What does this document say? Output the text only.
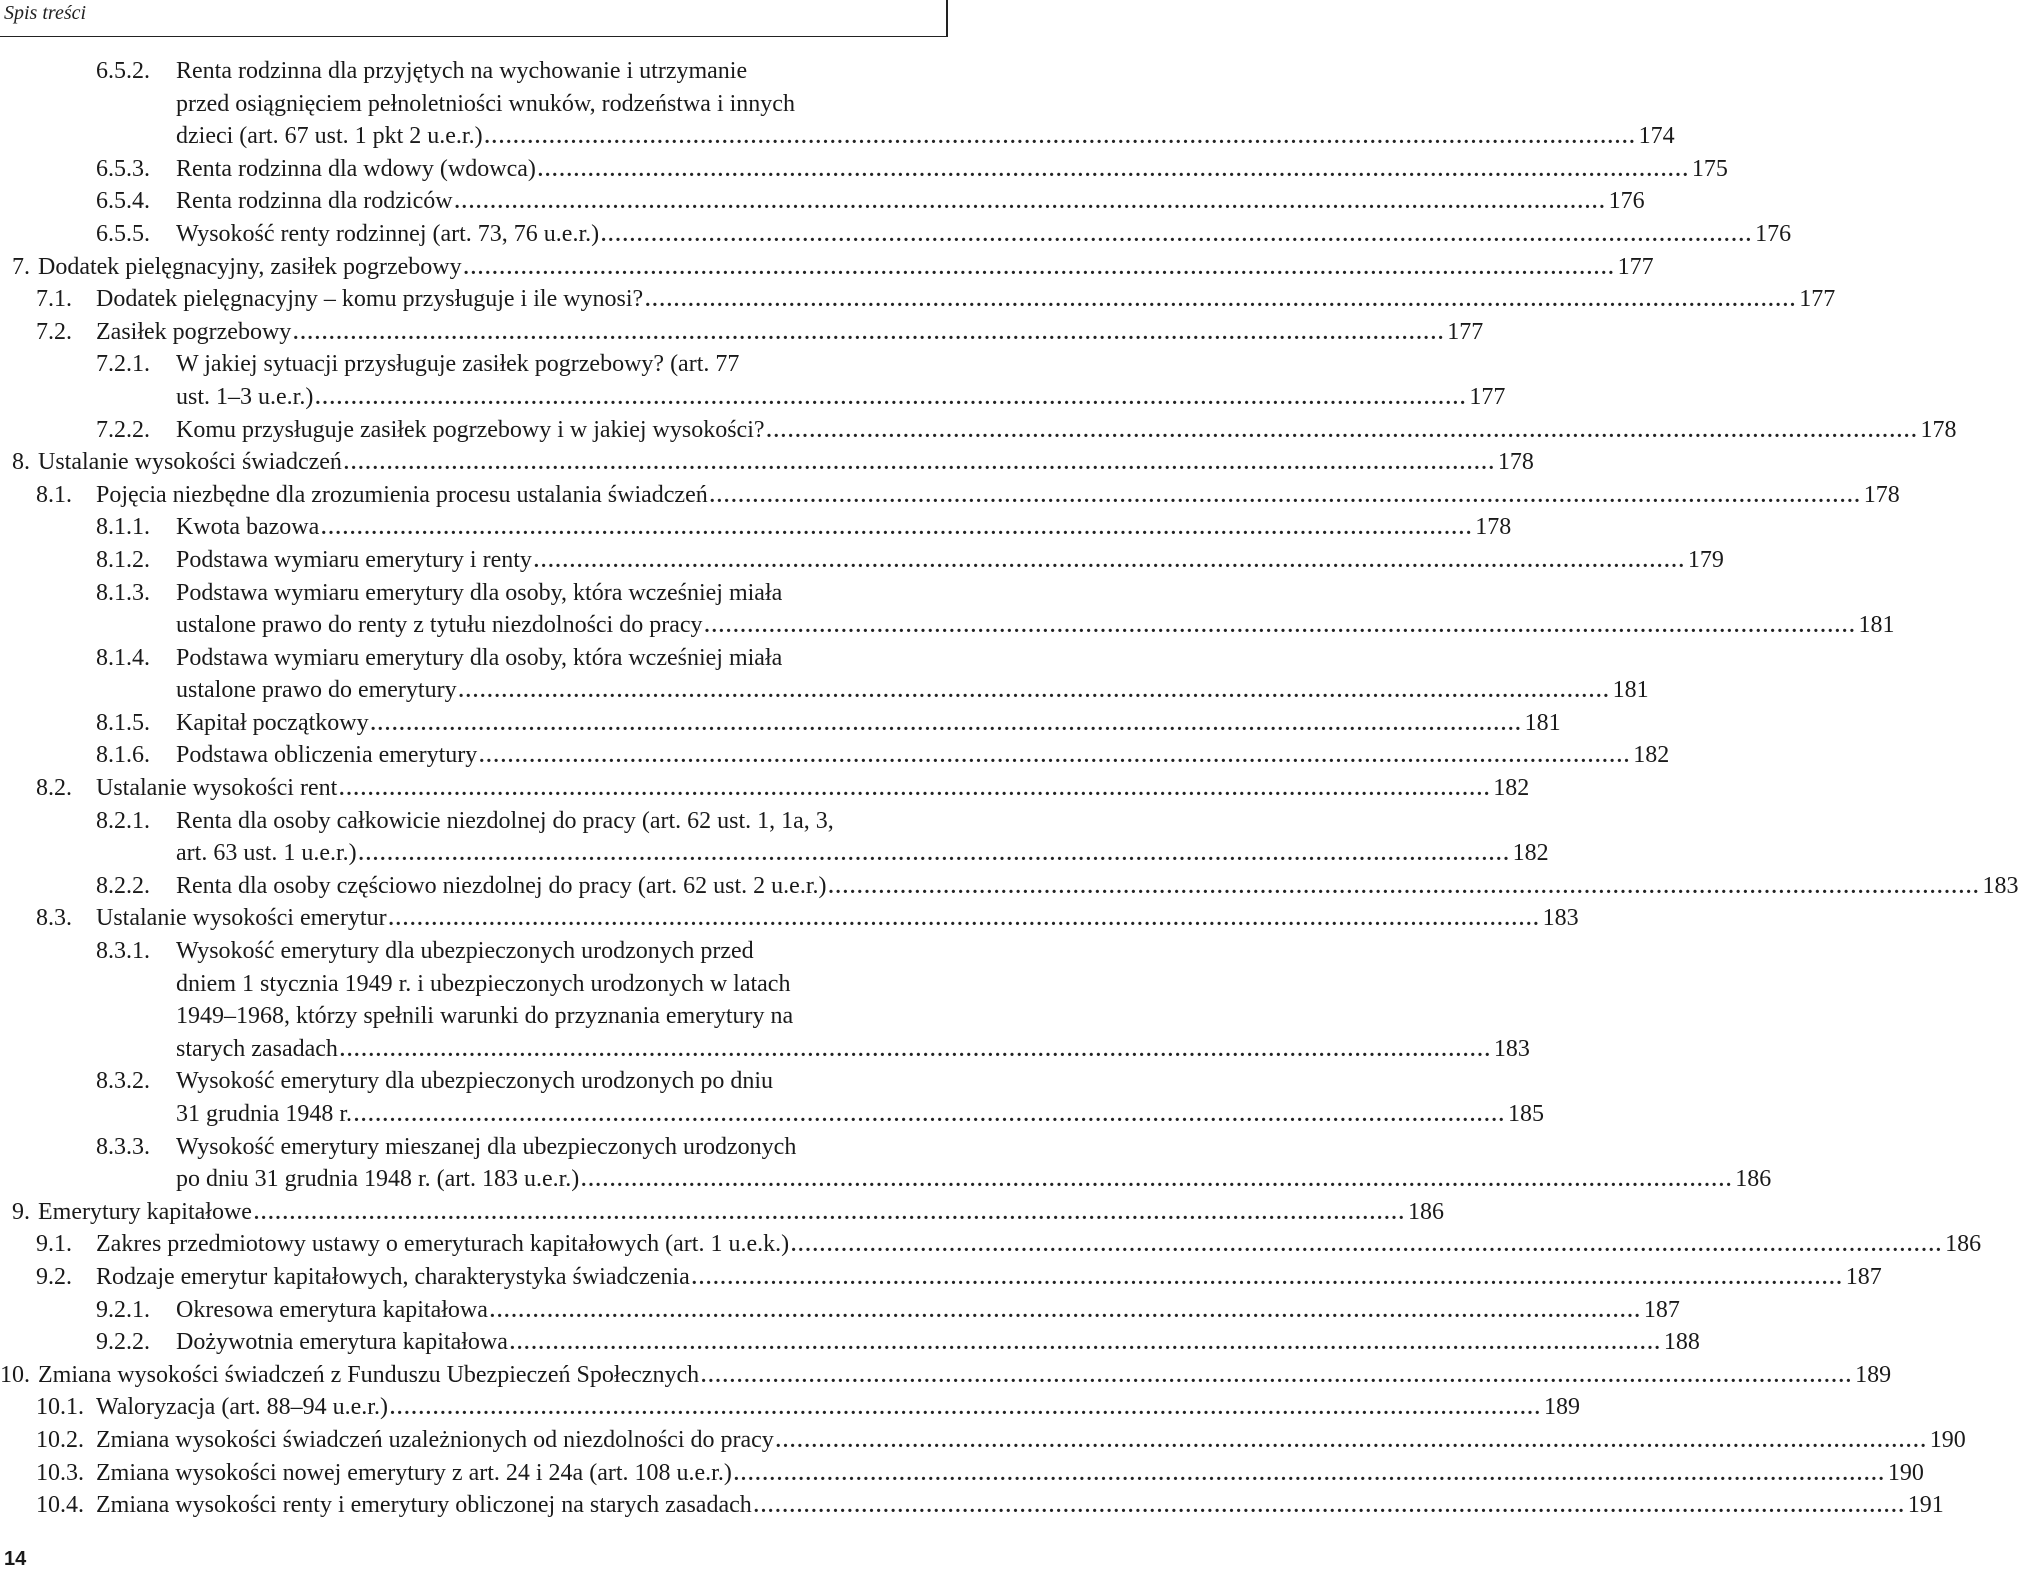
Spis treści
6.5.2. Renta rodzinna dla przyjętych na wychowanie i utrzymanie
przed osiągnięciem pełnoletniości wnuków, rodzeństwa i innych
dzieci (art. 67 ust. 1 pkt 2 u.e.r.) ................................................................................................................................................................ 174
6.5.3. Renta rodzinna dla wdowy (wdowca) ................................................................................................................................................................ 175
6.5.4. Renta rodzinna dla rodziców ................................................................................................................................................................ 176
6.5.5. Wysokość renty rodzinnej (art. 73, 76 u.e.r.) ................................................................................................................................................................ 176
7. Dodatek pielęgnacyjny, zasiłek pogrzebowy ................................................................................................................................................................ 177
7.1. Dodatek pielęgnacyjny – komu przysługuje i ile wynosi? ................................................................................................................................................................ 177
7.2. Zasiłek pogrzebowy ................................................................................................................................................................ 177
7.2.1. W jakiej sytuacji przysługuje zasiłek pogrzebowy? (art. 77
ust. 1–3 u.e.r.) ................................................................................................................................................................ 177
7.2.2. Komu przysługuje zasiłek pogrzebowy i w jakiej wysokości? ................................................................................................................................................................ 178
8. Ustalanie wysokości świadczeń ................................................................................................................................................................ 178
8.1. Pojęcia niezbędne dla zrozumienia procesu ustalania świadczeń ................................................................................................................................................................ 178
8.1.1. Kwota bazowa ................................................................................................................................................................ 178
8.1.2. Podstawa wymiaru emerytury i renty ................................................................................................................................................................ 179
8.1.3. Podstawa wymiaru emerytury dla osoby, która wcześniej miała
ustalone prawo do renty z tytułu niezdolności do pracy ................................................................................................................................................................ 181
8.1.4. Podstawa wymiaru emerytury dla osoby, która wcześniej miała
ustalone prawo do emerytury ................................................................................................................................................................ 181
8.1.5. Kapitał początkowy ................................................................................................................................................................ 181
8.1.6. Podstawa obliczenia emerytury ................................................................................................................................................................ 182
8.2. Ustalanie wysokości rent ................................................................................................................................................................ 182
8.2.1. Renta dla osoby całkowicie niezdolnej do pracy (art. 62 ust. 1, 1a, 3,
art. 63 ust. 1 u.e.r.) ................................................................................................................................................................ 182
8.2.2. Renta dla osoby częściowo niezdolnej do pracy (art. 62 ust. 2 u.e.r.) ................................................................................................................................................................ 183
8.3. Ustalanie wysokości emerytur ................................................................................................................................................................ 183
8.3.1. Wysokość emerytury dla ubezpieczonych urodzonych przed
dniem 1 stycznia 1949 r. i ubezpieczonych urodzonych w latach
1949–1968, którzy spełnili warunki do przyznania emerytury na
starych zasadach ................................................................................................................................................................ 183
8.3.2. Wysokość emerytury dla ubezpieczonych urodzonych po dniu
31 grudnia 1948 r. ................................................................................................................................................................ 185
8.3.3. Wysokość emerytury mieszanej dla ubezpieczonych urodzonych
po dniu 31 grudnia 1948 r. (art. 183 u.e.r.) ................................................................................................................................................................ 186
9. Emerytury kapitałowe ................................................................................................................................................................ 186
9.1. Zakres przedmiotowy ustawy o emeryturach kapitałowych (art. 1 u.e.k.) ................................................................................................................................................................ 186
9.2. Rodzaje emerytur kapitałowych, charakterystyka świadczenia ................................................................................................................................................................ 187
9.2.1. Okresowa emerytura kapitałowa ................................................................................................................................................................ 187
9.2.2. Dożywotnia emerytura kapitałowa ................................................................................................................................................................ 188
10. Zmiana wysokości świadczeń z Funduszu Ubezpieczeń Społecznych ................................................................................................................................................................ 189
10.1. Waloryzacja (art. 88–94 u.e.r.) ................................................................................................................................................................ 189
10.2. Zmiana wysokości świadczeń uzależnionych od niezdolności do pracy ................................................................................................................................................................ 190
10.3. Zmiana wysokości nowej emerytury z art. 24 i 24a (art. 108 u.e.r.) ................................................................................................................................................................ 190
10.4. Zmiana wysokości renty i emerytury obliczonej na starych zasadach ................................................................................................................................................................ 191
14
